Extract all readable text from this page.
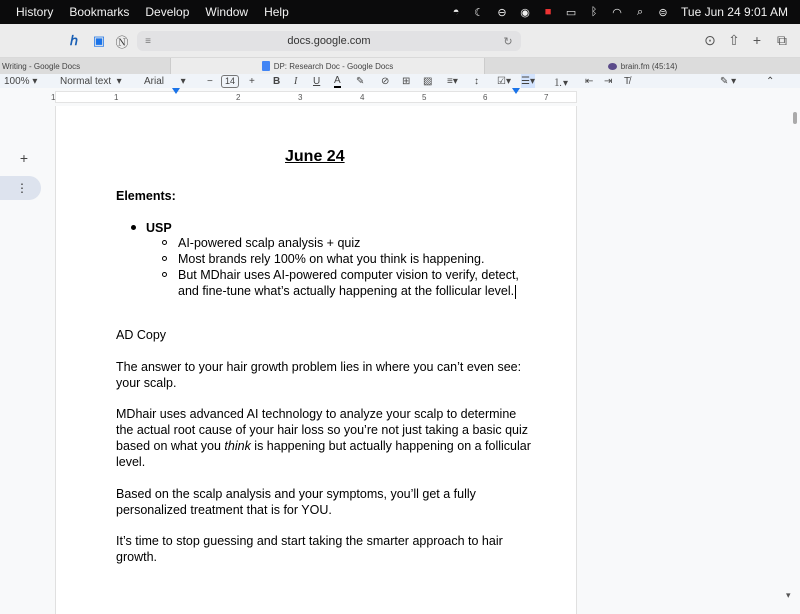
History Bookmarks Develop Window Help	◓	☾	⊖	◉	■	▭	ᛒ	◠	⌕	⊜ Tue Jun 24 9:01 AM
ℎ ▣ Ⓝ	≡	docs.google.com	↻	⊙ ⇧ +	⧉
Writing - Google Docs	DP: Research Doc - Google Docs	brain.fm (45:14)
100% ▾ Normal text ▾ Arial ▾ −	14	+ B I U A ✎ ⊘ ⊞ ▨ ≡▾ ↕ ☑▾ ☰▾ ⒈▾ ⇤ ⇥ T̸	✎ ▾	⌃
1	1	2	3	4	5	6	7
+
⋮
June 24
Elements:
USP
AI-powered scalp analysis + quiz
Most brands rely 100% on what you think is happening.
But MDhair uses AI-powered computer vision to verify, detect,
and fine-tune what’s actually happening at the follicular level.
AD Copy
The answer to your hair growth problem lies in where you can’t even see:
your scalp.
MDhair uses advanced AI technology to analyze your scalp to determine
the actual root cause of your hair loss so you’re not just taking a basic quiz
based on what you think is happening but actually happening on a follicular
level.
Based on the scalp analysis and your symptoms, you’ll get a fully
personalized treatment that is for YOU.
It’s time to stop guessing and start taking the smarter approach to hair
growth.
▾
